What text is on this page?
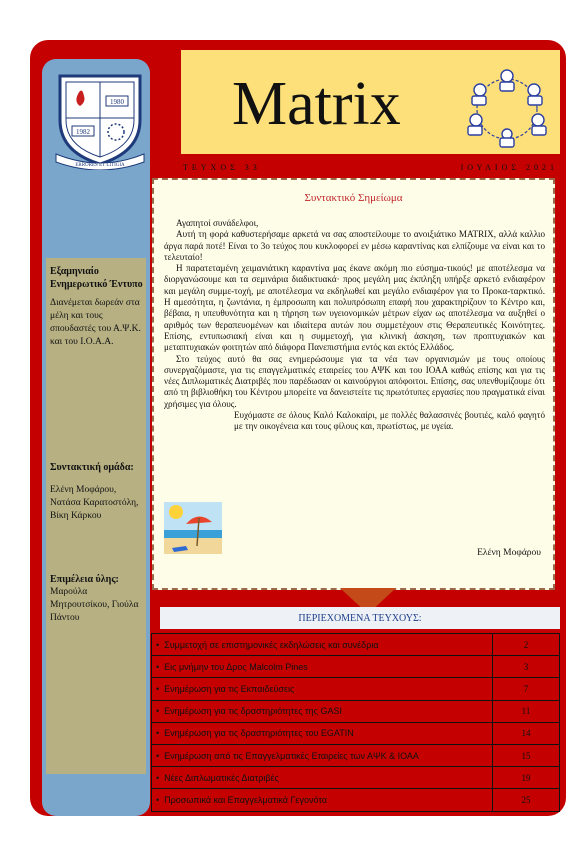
Matrix
1980
1982
ERRORES ET LITIGIA	ΤΕΥΧΟΣ 33	ΙΟΥΛΙΟΣ 2021
Εξαμηνιαίο Ενημερωτικό Έντυπο
Διανέμεται δωρεάν στα μέλη και τους σπουδαστές του Α.Ψ.Κ. και του Ι.Ο.Α.Α.
Συντακτική ομάδα:
Ελένη Μοφάρου, Νατάσα Καρατοστόλη, Βίκη Κάρκου
Επιμέλεια ύλης:
Μαρούλα Μητρουτσίκου, Γιούλα Πάντου
Συντακτικό Σημείωμα

Αγαπητοί συνάδελφοι,

Αυτή τη φορά καθυστερήσαμε αρκετά να σας αποστείλουμε το ανοιξιάτικο MATRIX, αλλά καλλιο άργα παρά ποτέ! Είναι το 3ο τεύχος που κυκλοφορεί εν μέσω καραντίνας και ελπίζουμε να είναι και το τελευταίο!

Η παρατεταμένη χειμανιάτικη καραντίνα μας έκανε ακόμη πιο εύσημα-τικούς! με αποτέλεσμα να διοργανώσουμε και τα σεμινάρια διαδικτυακά· προς μεγάλη μας έκπληξη υπήρξε αρκετό ενδιαφέρον και μεγάλη συμμε-τοχή, με αποτέλεσμα να εκδηλωθεί και μεγάλο ενδιαφέρον για το Προκα-ταρκτικό. Η αμεσότητα, η ζωντάνια, η έμπροσωπη και πολυπρόσωπη επαφή που χαρακτηρίζουν το Κέντρο και, βέβαια, η υπευθυνότητα και η τήρηση των υγειονομικών μέτρων είχαν ως αποτέλεσμα να αυξηθεί ο αριθμός των θεραπευομένων και ιδιαίτερα αυτών που συμμετέχουν στις Θεραπευτικές Κοινότητες. Επίσης, εντυπωσιακή είναι και η συμμετοχή, για κλινική άσκηση, των προπτυχιακών και μεταπτυχιακών φοιτητών από διάφορα Πανεπιστήμια εντός και εκτός Ελλάδος.

Στο τεύχος αυτό θα σας ενημερώσουμε για τα νέα των οργανισμών με τους οποίους συνεργαζόμαστε, για τις επαγγελματικές εταιρείες του ΑΨΚ και του ΙΟΑΑ καθώς επίσης και για τις νέες Διπλωματικές Διατριβές που παρέδωσαν οι καινούργιοι απόφοιτοι. Επίσης, σας υπενθυμίζουμε ότι από τη βιβλιοθήκη του Κέντρου μπορείτε να δανειστείτε τις πρωτότυπες εργασίες που πραγματικά είναι χρήσιμες για όλους.

Ευχόμαστε σε όλους Καλό Καλοκαίρι, με πολλές θαλασσινές βουτιές, καλό φαγητό με την οικογένεια και τους φίλους και, πρωτίστως, με υγεία.

Ελένη Μοφάρου
ΠΕΡΙΕΧΟΜΕΝΑ ΤΕΥΧΟΥΣ:
•  Συμμετοχή σε επιστημονικές εκδηλώσεις και συνέδρια	2
•  Εις μνήμην του Δρος Malcolm Pines	3
•  Ενημέρωση για τις Εκπαιδεύσεις	7
•  Ενημέρωση για τις δραστηριότητες της GASI	11
•  Ενημέρωση για τις δραστηριότητες του EGATIN	14
•  Ενημέρωση από τις Επαγγελματικές Εταιρείες των ΑΨΚ & ΙΟΑΑ	15
•  Νέες Διπλωματικές Διατριβές	19
•  Προσωπικά και Επαγγελματικά Γεγονότα	25
